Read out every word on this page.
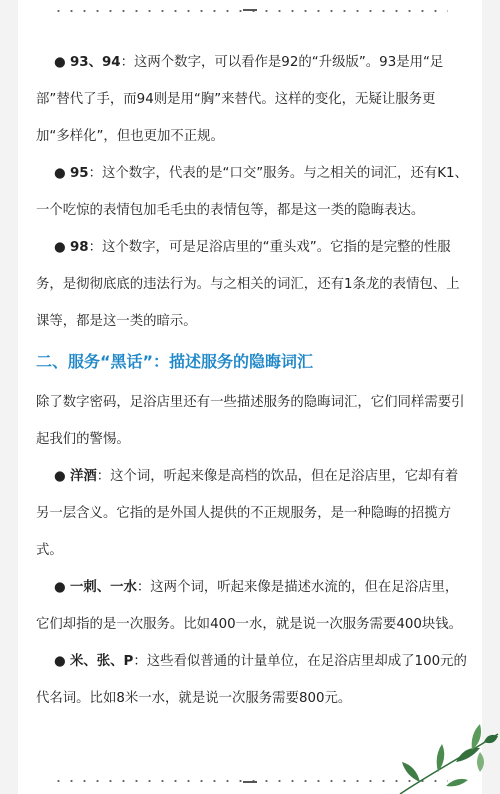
● 93、94：这两个数字，可以看作是92的“升级版”。93是用“足部”替代了手，而94则是用“胸”来替代。这样的变化，无疑让服务更加“多样化”，但也更加不正规。

● 95：这个数字，代表的是“口交”服务。与之相关的词汇，还有K1、一个吃惊的表情包加毛毛虫的表情包等，都是这一类的隐晦表达。

● 98：这个数字，可是足浴店里的“重头戏”。它指的是完整的性服务，是彻彻底底的违法行为。与之相关的词汇，还有1条龙的表情包、上课等，都是这一类的暗示。

二、服务“黑话”：描述服务的隐晦词汇

除了数字密码，足浴店里还有一些描述服务的隐晦词汇，它们同样需要引起我们的警惕。

● 洋酒：这个词，听起来像是高档的饮品，但在足浴店里，它却有着另一层含义。它指的是外国人提供的不正规服务，是一种隐晦的招揽方式。

● 一刺、一水：这两个词，听起来像是描述水流的，但在足浴店里，它们却指的是一次服务。比如400一水，就是说一次服务需要400块钱。

● 米、张、P：这些看似普通的计量单位，在足浴店里却成了100元的代名词。比如8米一水，就是说一次服务需要800元。
